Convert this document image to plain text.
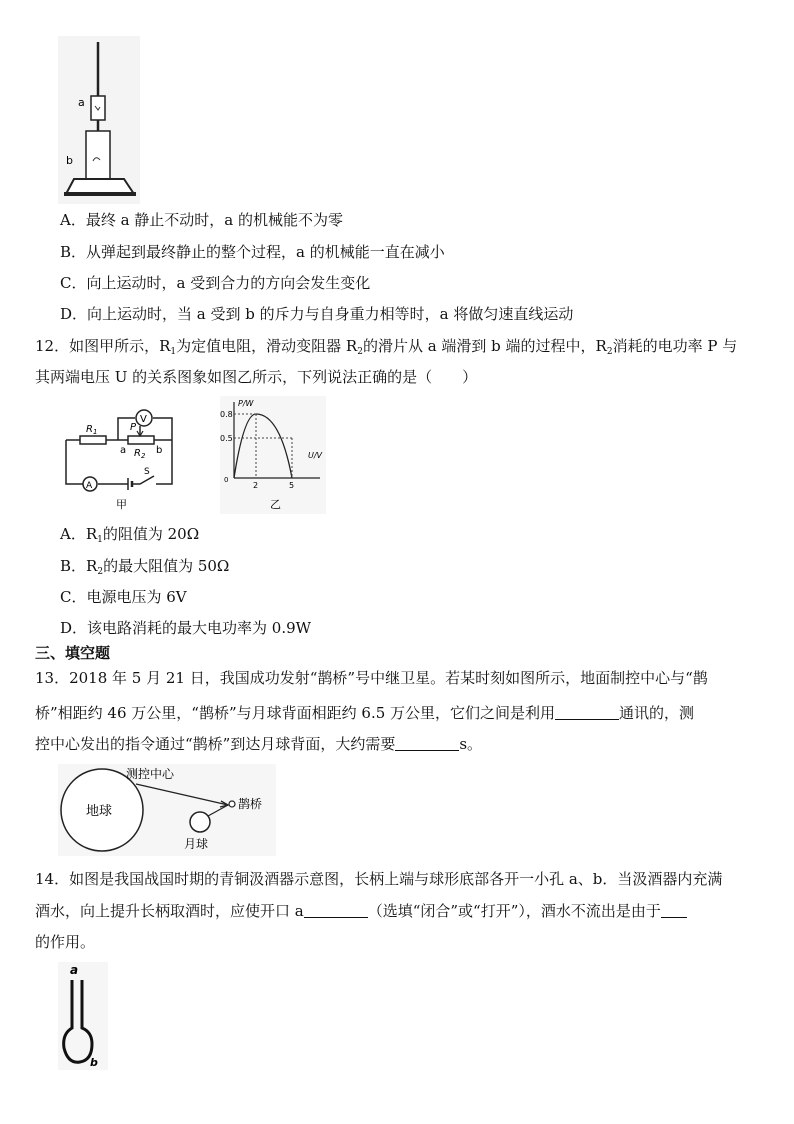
a
b
A．最终 a 静止不动时，a 的机械能不为零
B．从弹起到最终静止的整个过程，a 的机械能一直在减小
C．向上运动时，a 受到合力的方向会发生变化
D．向上运动时，当 a 受到 b 的斥力与自身重力相等时，a 将做匀速直线运动
12．如图甲所示，$R_1$为定值电阻，滑动变阻器 $R_2$的滑片从 a 端滑到 b 端的过程中，$R_2$消耗的电功率 P 与
其两端电压 U 的关系图象如图乙所示，下列说法正确的是（　　）
$R_1$
$R_2$
P
a	b
V
A
S
甲
P/W
U/V
0.8
0.5
2	5
0
乙
A．$R_1$的阻值为 20Ω
B．$R_2$的最大阻值为 50Ω
C．电源电压为 6V
D．该电路消耗的最大电功率为 0.9W
三、填空题
13．2018 年 5 月 21 日，我国成功发射“鹊桥”号中继卫星。若某时刻如图所示，地面制控中心与“鹊
桥”相距约 46 万公里，“鹊桥”与月球背面相距约 6.5 万公里，它们之间是利用	通讯的，测
控中心发出的指令通过“鹊桥”到达月球背面，大约需要	s。
地球
测控中心
鹊桥
月球
14．如图是我国战国时期的青铜汲酒器示意图，长柄上端与球形底部各开一小孔 a、b．当汲酒器内充满
酒水，向上提升长柄取酒时，应使开口 a	（选填“闭合”或“打开”），酒水不流出是由于
的作用。
a
b
